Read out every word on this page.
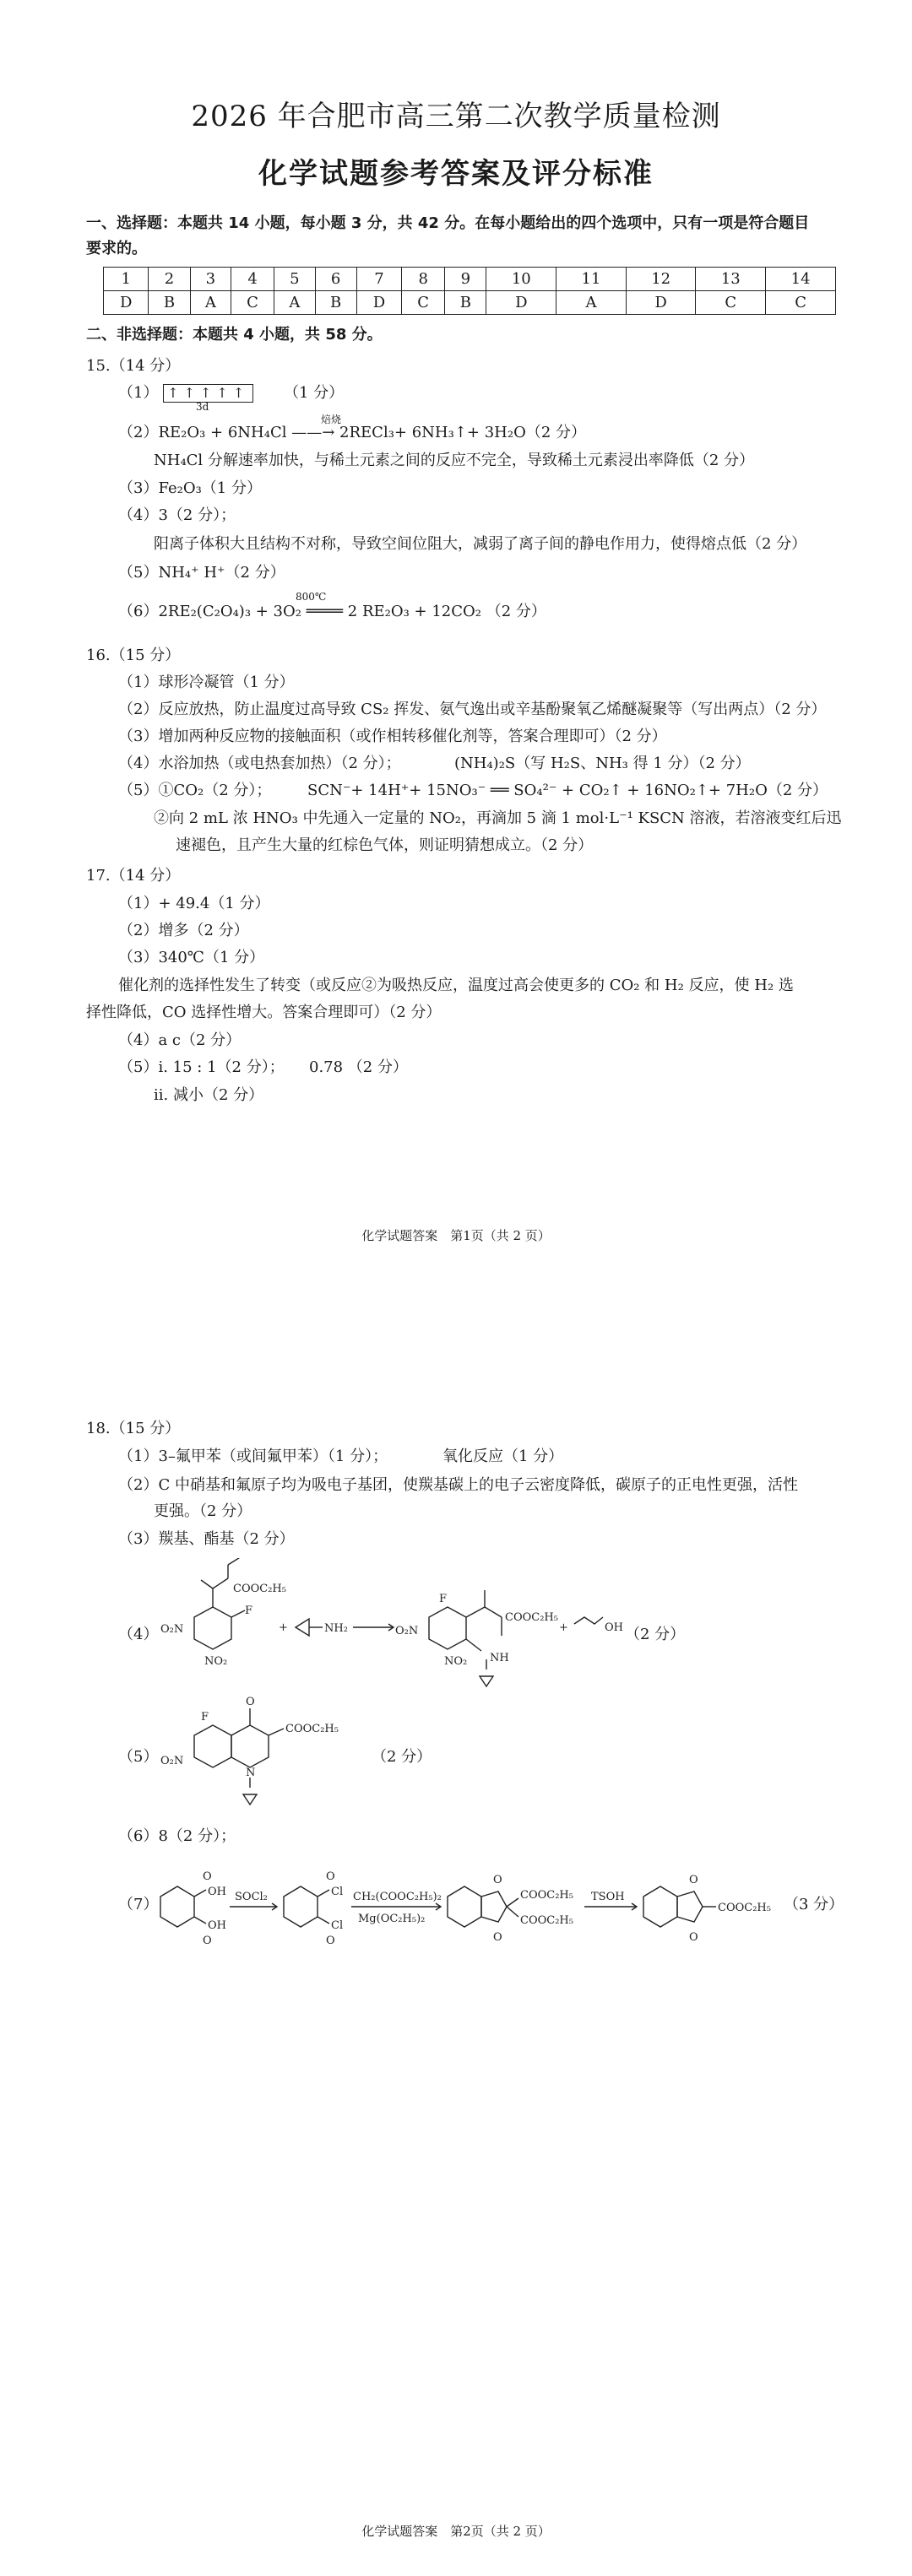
2026 年合肥市高三第二次教学质量检测
化学试题参考答案及评分标准
一、选择题：本题共 14 小题，每小题 3 分，共 42 分。在每小题给出的四个选项中，只有一项是符合题目
要求的。
1	2	3	4	5	6	7	8	9	10	11	12	13	14
D	B	A	C	A	B	D	C	B	D	A	D	C	C
二、非选择题：本题共 4 小题，共 58 分。
15.（14 分）
（1） ↑↑↑↑↑ （1 分）
3d
焙烧
（2）RE₂O₃ + 6NH₄Cl ——→ 2RECl₃+ 6NH₃↑+ 3H₂O（2 分）
NH₄Cl 分解速率加快，与稀土元素之间的反应不完全，导致稀土元素浸出率降低（2 分）
（3）Fe₂O₃（1 分）
（4）3（2 分）；
阳离子体积大且结构不对称，导致空间位阻大，减弱了离子间的静电作用力，使得熔点低（2 分）
（5）NH₄⁺ H⁺（2 分）
800℃
（6）2RE₂(C₂O₄)₃ + 3O₂ ════ 2 RE₂O₃ + 12CO₂ （2 分）
16.（15 分）
（1）球形冷凝管（1 分）
（2）反应放热，防止温度过高导致 CS₂ 挥发、氨气逸出或辛基酚聚氧乙烯醚凝聚等（写出两点）（2 分）
（3）增加两种反应物的接触面积（或作相转移催化剂等，答案合理即可）（2 分）
（4）水浴加热（或电热套加热）（2 分）；	(NH₄)₂S（写 H₂S、NH₃ 得 1 分）（2 分）
（5）①CO₂（2 分）； SCN⁻+ 14H⁺+ 15NO₃⁻ ══ SO₄²⁻ + CO₂↑ + 16NO₂↑+ 7H₂O（2 分）
②向 2 mL 浓 HNO₃ 中先通入一定量的 NO₂，再滴加 5 滴 1 mol·L⁻¹ KSCN 溶液，若溶液变红后迅
速褪色，且产生大量的红棕色气体，则证明猜想成立。（2 分）
17.（14 分）
（1）+ 49.4（1 分）
（2）增多（2 分）
（3）340℃（1 分）
催化剂的选择性发生了转变（或反应②为吸热反应，温度过高会使更多的 CO₂ 和 H₂ 反应，使 H₂ 选
择性降低，CO 选择性增大。答案合理即可）（2 分）
（4）a c（2 分）
（5）i. 15 : 1（2 分）； 0.78 （2 分）
ii. 减小（2 分）
化学试题答案　第1页（共 2 页）
18.（15 分）
（1）3–氟甲苯（或间氟甲苯）（1 分）；	氧化反应（1 分）
（2）C 中硝基和氟原子均为吸电子基团，使羰基碳上的电子云密度降低，碳原子的正电性更强，活性
更强。（2 分）
（3）羰基、酯基（2 分）
（4）
COOC₂H₅
O₂N
F
NO₂
+	NH₂
COOC₂H₅
O₂N
F
NO₂ NH
+	OH （2 分）
（5）
O
COOC₂H₅
O₂N
F
N
（2 分）
（6）8（2 分）；
（7）
O
OH
OH
O
SOCl₂
O
Cl
Cl
O
CH₂(COOC₂H₅)₂
Mg(OC₂H₅)₂
O
O
COOC₂H₅
COOC₂H₅
TSOH
O
O
COOC₂H₅ （3 分）
化学试题答案　第2页（共 2 页）
